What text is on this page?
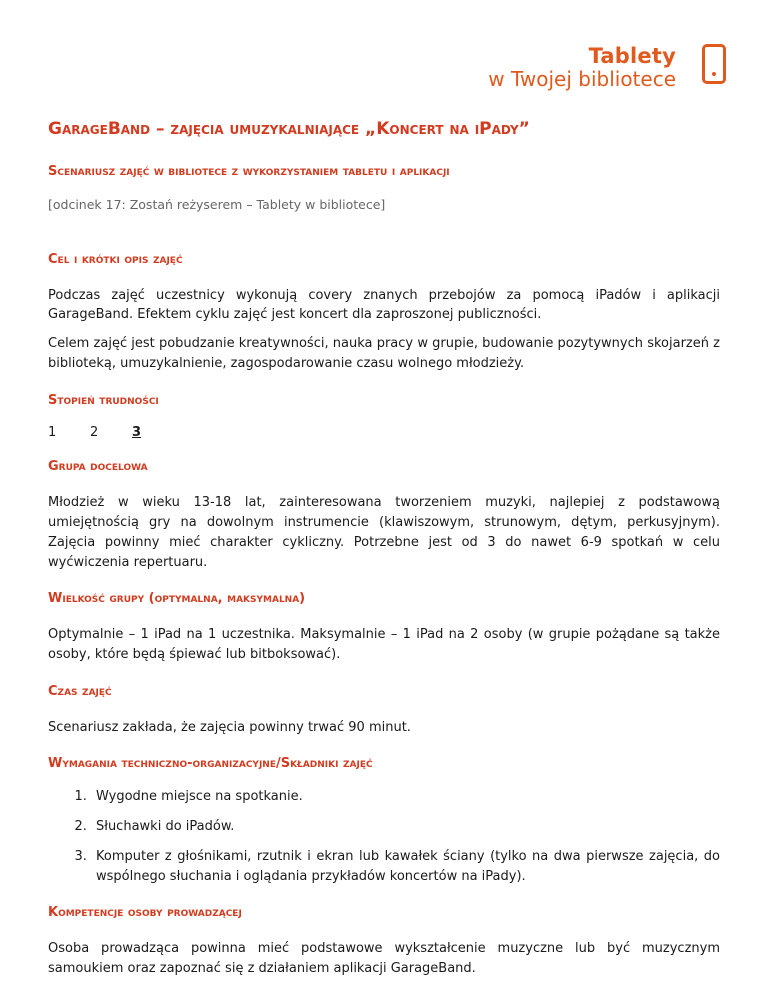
Tablety
w Twojej bibliotece
GarageBand – zajęcia umuzykalniające „Koncert na iPady”
Scenariusz zajęć w bibliotece z wykorzystaniem tabletu i aplikacji
[odcinek 17: Zostań reżyserem – Tablety w bibliotece]
Cel i krótki opis zajęć

Podczas zajęć uczestnicy wykonują covery znanych przebojów za pomocą iPadów i aplikacji GarageBand. Efektem cyklu zajęć jest koncert dla zaproszonej publiczności.

Celem zajęć jest pobudzanie kreatywności, nauka pracy w grupie, budowanie pozytywnych skojarzeń z biblioteką, umuzykalnienie, zagospodarowanie czasu wolnego młodzieży.

Stopień trudności
1	2	3
Grupa docelowa

Młodzież w wieku 13-18 lat, zainteresowana tworzeniem muzyki, najlepiej z podstawową umiejętnością gry na dowolnym instrumencie (klawiszowym, strunowym, dętym, perkusyjnym). Zajęcia powinny mieć charakter cykliczny. Potrzebne jest od 3 do nawet 6-9 spotkań w celu wyćwiczenia repertuaru.

Wielkość grupy (optymalna, maksymalna)

Optymalnie – 1 iPad na 1 uczestnika. Maksymalnie – 1 iPad na 2 osoby (w grupie pożądane są także osoby, które będą śpiewać lub bitboksować).

Czas zajęć

Scenariusz zakłada, że zajęcia powinny trwać 90 minut.

Wymagania techniczno-organizacyjne/Składniki zajęć
1. Wygodne miejsce na spotkanie.
2. Słuchawki do iPadów.
3. Komputer z głośnikami, rzutnik i ekran lub kawałek ściany (tylko na dwa pierwsze zajęcia, do wspólnego słuchania i oglądania przykładów koncertów na iPady).
Kompetencje osoby prowadzącej

Osoba prowadząca powinna mieć podstawowe wykształcenie muzyczne lub być muzycznym samoukiem oraz zapoznać się z działaniem aplikacji GarageBand.
